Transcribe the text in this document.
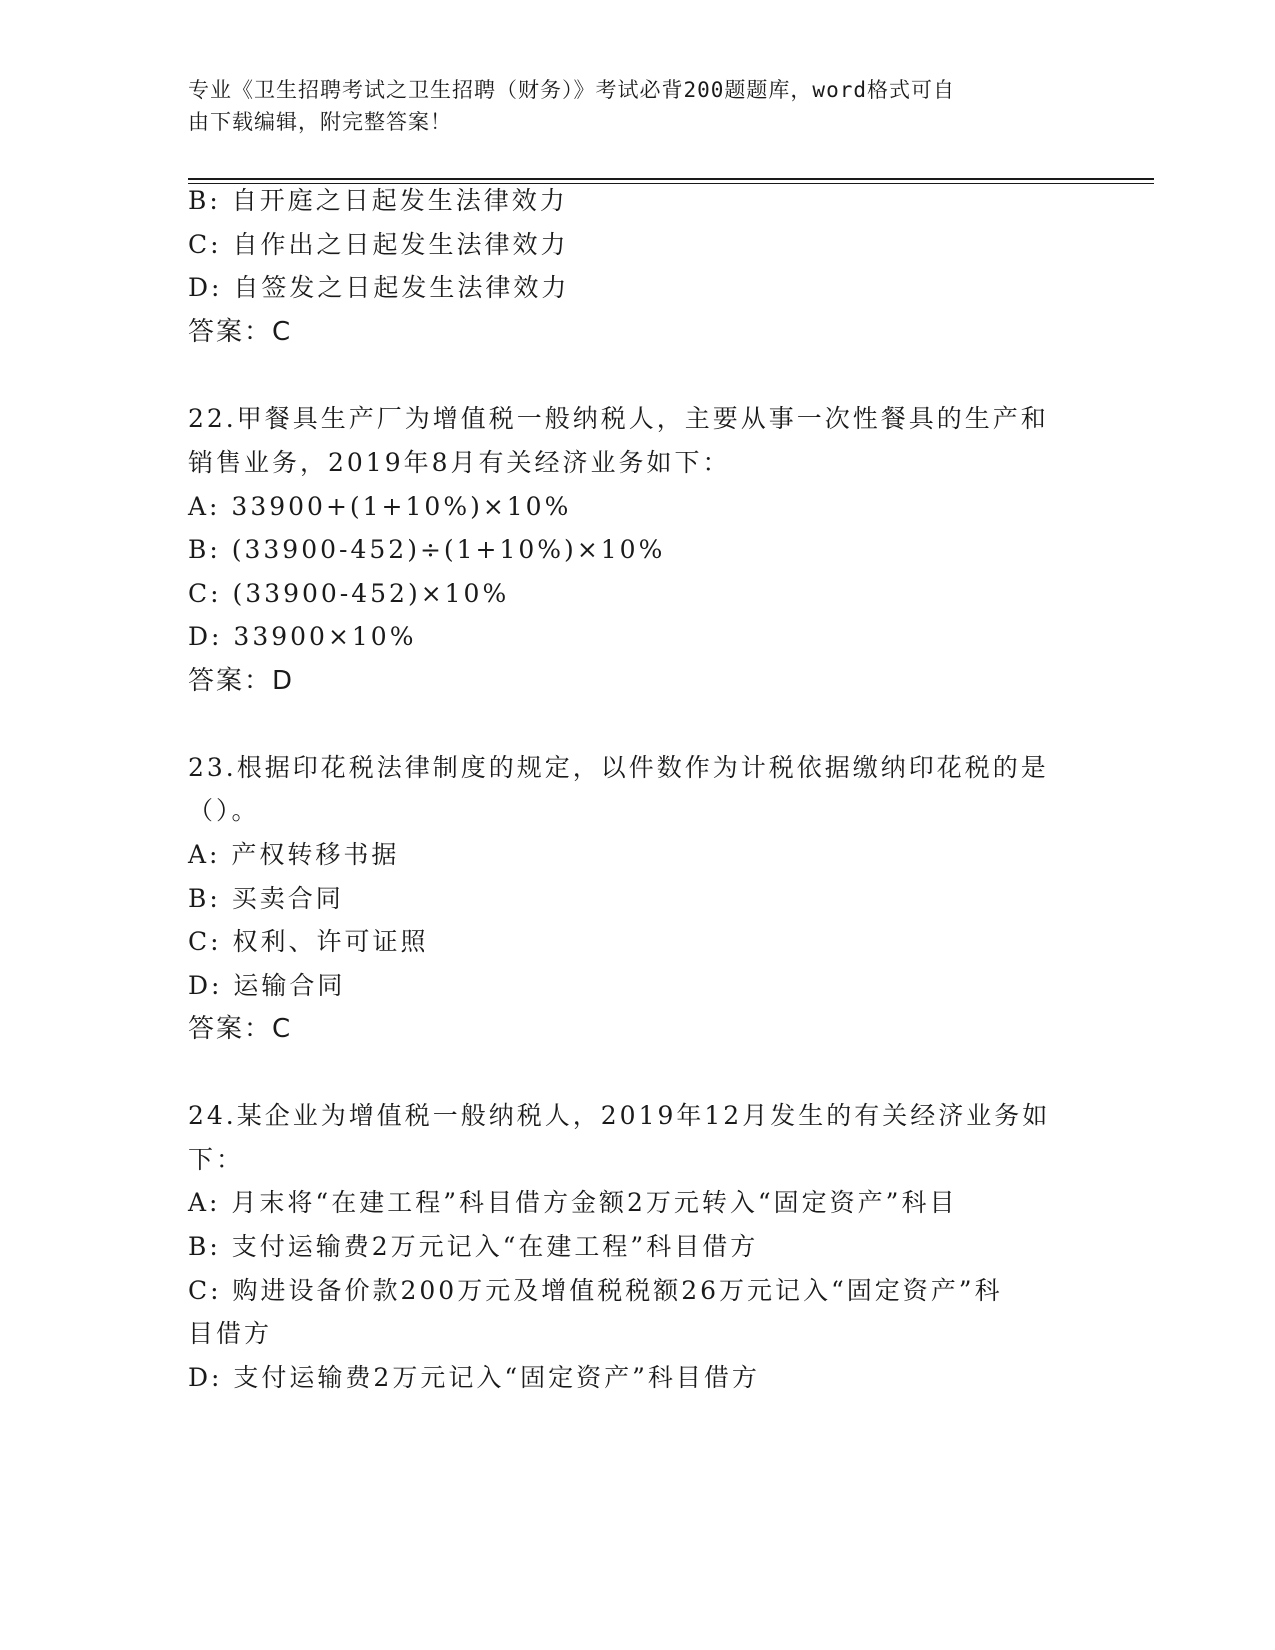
专业《卫生招聘考试之卫生招聘（财务）》考试必背200题题库，word格式可自
由下载编辑，附完整答案！
B: 自开庭之日起发生法律效力
C: 自作出之日起发生法律效力
D: 自签发之日起发生法律效力
答案：C
22.甲餐具生产厂为增值税一般纳税人，主要从事一次性餐具的生产和
销售业务，2019年8月有关经济业务如下：
A: 33900+(1+10%)×10%
B: (33900-452)÷(1+10%)×10%
C: (33900-452)×10%
D: 33900×10%
答案：D
23.根据印花税法律制度的规定，以件数作为计税依据缴纳印花税的是
（）。
A: 产权转移书据
B: 买卖合同
C: 权利、许可证照
D: 运输合同
答案：C
24.某企业为增值税一般纳税人，2019年12月发生的有关经济业务如
下：
A: 月末将“在建工程”科目借方金额2万元转入“固定资产”科目
B: 支付运输费2万元记入“在建工程”科目借方
C: 购进设备价款200万元及增值税税额26万元记入“固定资产”科
目借方
D: 支付运输费2万元记入“固定资产”科目借方
